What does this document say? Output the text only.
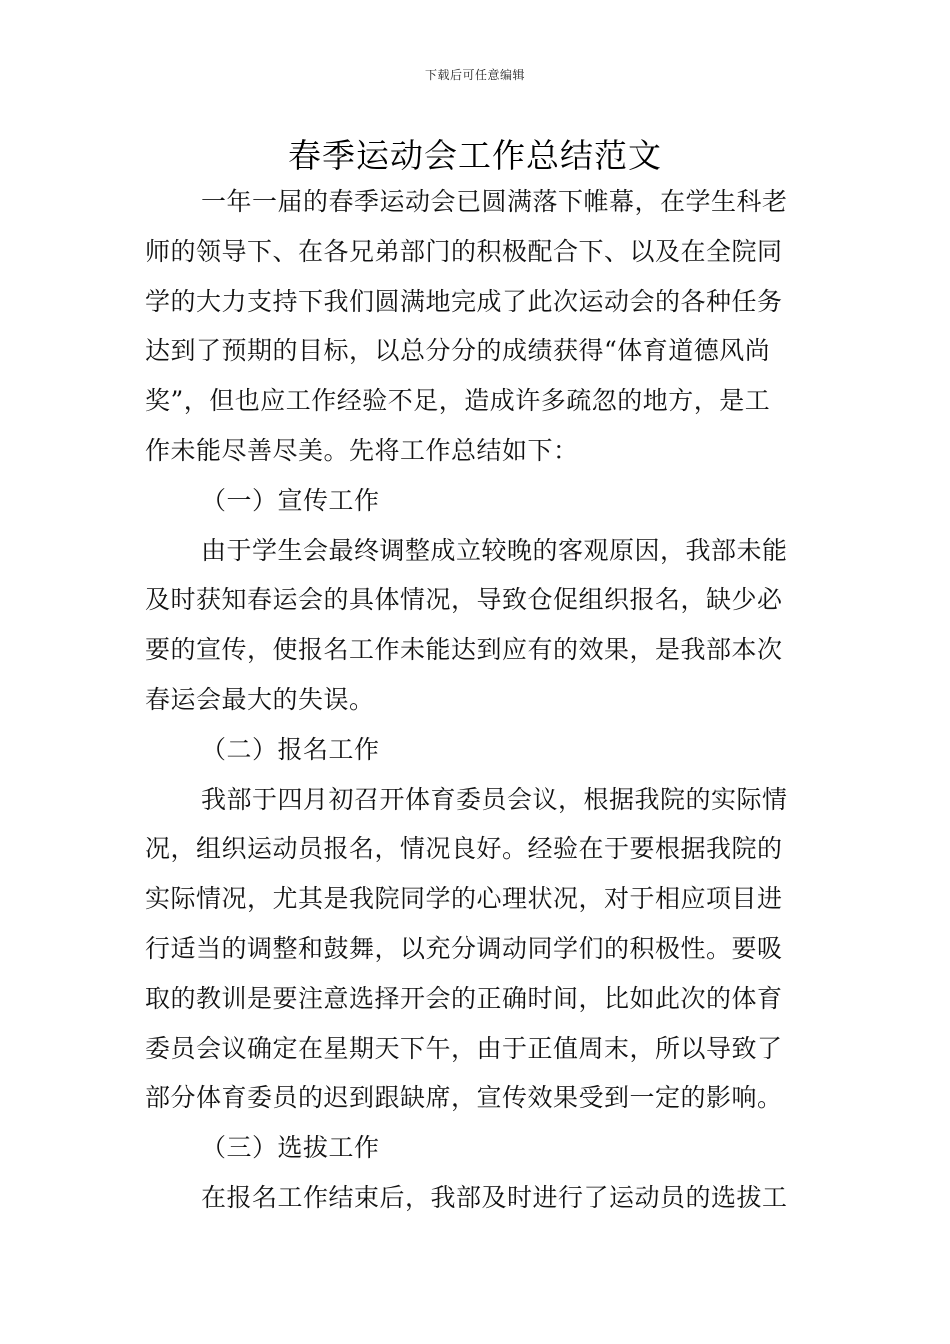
下载后可任意编辑
春季运动会工作总结范文
一年一届的春季运动会已圆满落下帷幕，在学生科老
师的领导下、在各兄弟部门的积极配合下、以及在全院同
学的大力支持下我们圆满地完成了此次运动会的各种任务
达到了预期的目标，以总分分的成绩获得“体育道德风尚
奖”，但也应工作经验不足，造成许多疏忽的地方，是工
作未能尽善尽美。先将工作总结如下：
（一）宣传工作
由于学生会最终调整成立较晚的客观原因，我部未能
及时获知春运会的具体情况，导致仓促组织报名，缺少必
要的宣传，使报名工作未能达到应有的效果，是我部本次
春运会最大的失误。
（二）报名工作
我部于四月初召开体育委员会议，根据我院的实际情
况，组织运动员报名，情况良好。经验在于要根据我院的
实际情况，尤其是我院同学的心理状况，对于相应项目进
行适当的调整和鼓舞，以充分调动同学们的积极性。要吸
取的教训是要注意选择开会的正确时间，比如此次的体育
委员会议确定在星期天下午，由于正值周末，所以导致了
部分体育委员的迟到跟缺席，宣传效果受到一定的影响。
（三）选拔工作
在报名工作结束后，我部及时进行了运动员的选拔工
